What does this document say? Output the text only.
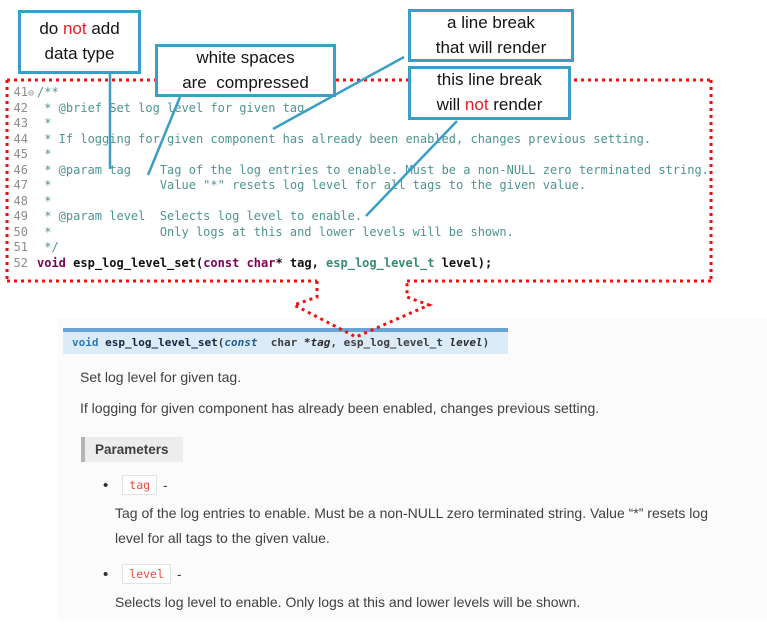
41⊖ /**
42 * @brief Set log level for given tag
43 *
44 * If logging for given component has already been enabled, changes previous setting.
45 *
46 * @param tag    Tag of the log entries to enable. Must be a non-NULL zero terminated string.
47 *               Value "*" resets log level for all tags to the given value.
48 *
49 * @param level  Selects log level to enable.
50 *               Only logs at this and lower levels will be shown.
51 */
52 void esp_log_level_set(const char* tag, esp_log_level_t level);
void esp_log_level_set(const  char *tag, esp_log_level_t level)

Set log level for given tag.

If logging for given component has already been enabled, changes previous setting.

Parameters
•	tag -
Tag of the log entries to enable. Must be a non-NULL zero terminated string. Value “*” resets log level for all tags to the given value.
•	level -
Selects log level to enable. Only logs at this and lower levels will be shown.
do not add
data type	white spaces
are  compressed
a line break
that will render
this line break
will not render
